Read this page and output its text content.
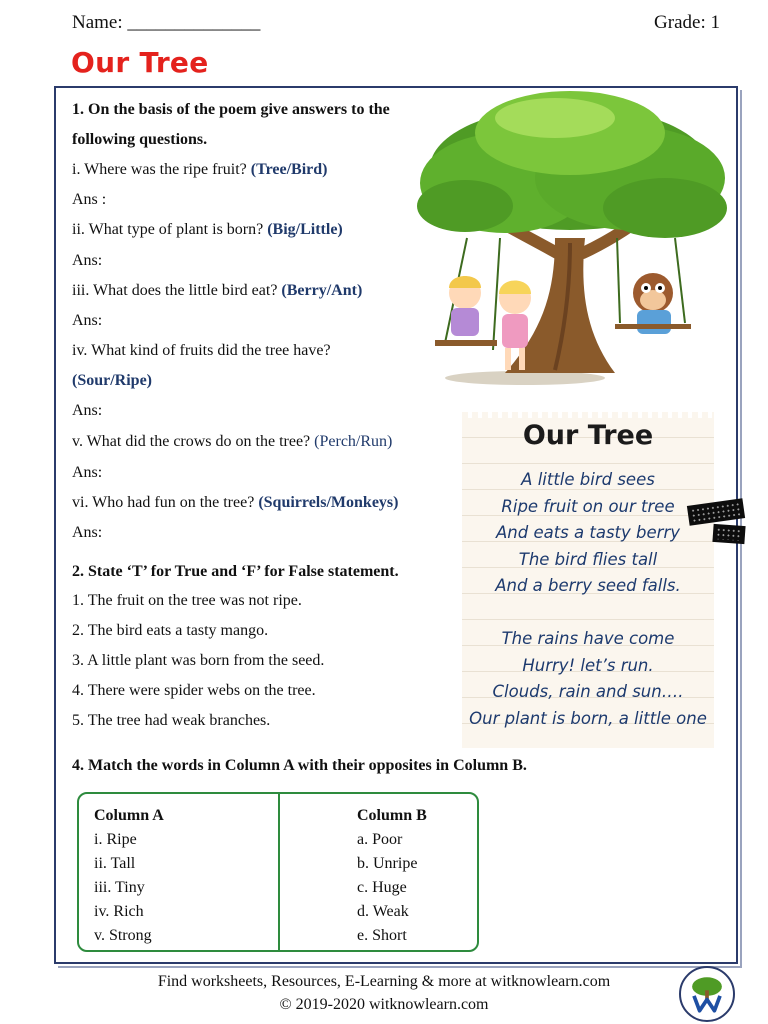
Name: ______________	Grade: 1
Our Tree
1. On the basis of the poem give answers to the
following questions.
i. Where was the ripe fruit? (Tree/Bird)
Ans :
ii. What type of plant is born? (Big/Little)
Ans:
iii. What does the little bird eat? (Berry/Ant)
Ans:
iv. What kind of fruits did the tree have?
(Sour/Ripe)
Ans:
v. What did the crows do on the tree? (Perch/Run)
Ans:
vi. Who had fun on the tree? (Squirrels/Monkeys)
Ans:
2. State ‘T’ for True and ‘F’ for False statement.
1. The fruit on the tree was not ripe.
2. The bird eats a tasty mango.
3. A little plant was born from the seed.
4. There were spider webs on the tree.
5. The tree had weak branches.
Our Tree
A little bird sees
Ripe fruit on our tree
And eats a tasty berry
The bird flies tall
And a berry seed falls.
The rains have come
Hurry! let’s run.
Clouds, rain and sun….
Our plant is born, a little one
4. Match the words in Column A with their opposites in Column B.
Column A
i. Ripe
ii. Tall
iii. Tiny
iv. Rich
v. Strong
Column B
a. Poor
b. Unripe
c. Huge
d. Weak
e. Short
Find worksheets, Resources, E-Learning & more at witknowlearn.com
© 2019-2020 witknowlearn.com
